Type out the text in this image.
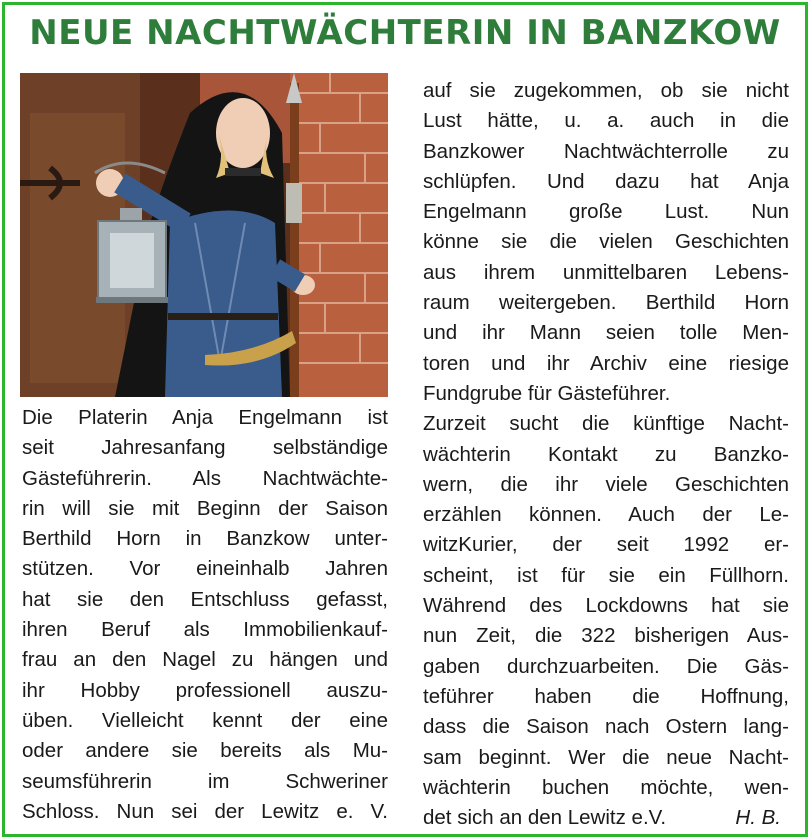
NEUE NACHTWÄCHTERIN IN BANZKOW
Die Platerin Anja Engelmann ist
seit Jahresanfang selbständige
Gästeführerin. Als Nachtwächte-
rin will sie mit Beginn der Saison
Berthild Horn in Banzkow unter-
stützen. Vor eineinhalb Jahren
hat sie den Entschluss gefasst,
ihren Beruf als Immobilienkauf-
frau an den Nagel zu hängen und
ihr Hobby professionell auszu-
üben. Vielleicht kennt der eine
oder andere sie bereits als Mu-
seumsführerin im Schweriner
Schloss. Nun sei der Lewitz e. V.
auf sie zugekommen, ob sie nicht
Lust hätte, u. a. auch in die
Banzkower Nachtwächterrolle zu
schlüpfen. Und dazu hat Anja
Engelmann große Lust. Nun
könne sie die vielen Geschichten
aus ihrem unmittelbaren Lebens-
raum weitergeben. Berthild Horn
und ihr Mann seien tolle Men-
toren und ihr Archiv eine riesige
Fundgrube für Gästeführer.
Zurzeit sucht die künftige Nacht-
wächterin Kontakt zu Banzko-
wern, die ihr viele Geschichten
erzählen können. Auch der Le-
witzKurier, der seit 1992 er-
scheint, ist für sie ein Füllhorn.
Während des Lockdowns hat sie
nun Zeit, die 322 bisherigen Aus-
gaben durchzuarbeiten. Die Gäs-
teführer haben die Hoffnung,
dass die Saison nach Ostern lang-
sam beginnt. Wer die neue Nacht-
wächterin buchen möchte, wen-
det sich an den Lewitz e.V.	H. B.
